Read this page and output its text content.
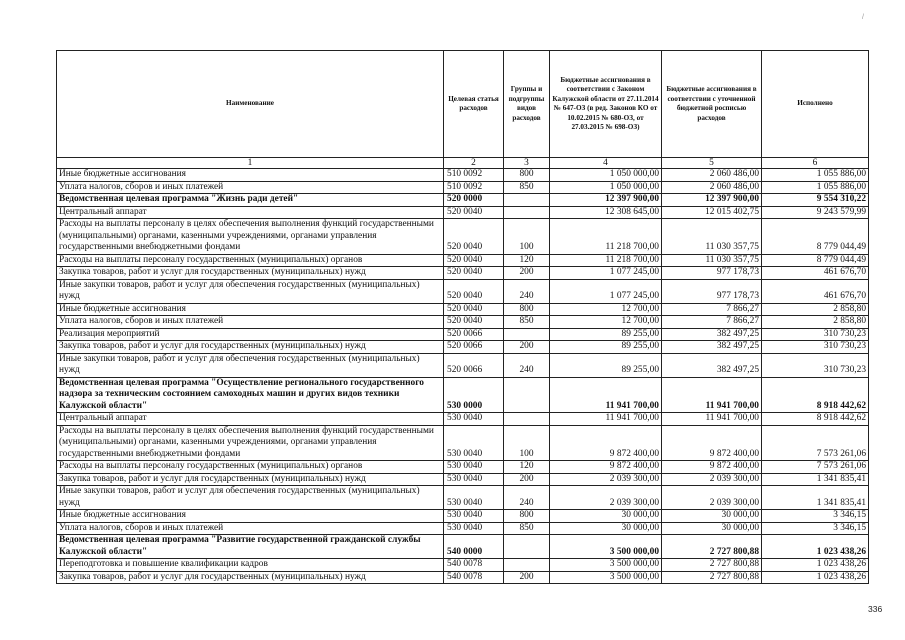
Наименование	Целевая статья расходов	Группы и подгруппы видов расходов	Бюджетные ассигнования в соответствии с Законом Калужской области от 27.11.2014 № 647-ОЗ (в ред. Законов КО от 10.02.2015 № 680-ОЗ, от 27.03.2015 № 698-ОЗ)	Бюджетные ассигнования в соответствии с уточненной бюджетной росписью расходов	Исполнено
1	2	3	4	5	6
Иные бюджетные ассигнования	510 0092	800	1 050 000,00	2 060 486,00	1 055 886,00
Уплата налогов, сборов и иных платежей	510 0092	850	1 050 000,00	2 060 486,00	1 055 886,00
Ведомственная целевая программа "Жизнь ради детей"	520 0000		12 397 900,00	12 397 900,00	9 554 310,22
Центральный аппарат	520 0040		12 308 645,00	12 015 402,75	9 243 579,99
Расходы на выплаты персоналу в целях обеспечения выполнения функций государственными (муниципальными) органами, казенными учреждениями, органами управления государственными внебюджетными фондами	520 0040	100	11 218 700,00	11 030 357,75	8 779 044,49
Расходы на выплаты персоналу государственных (муниципальных) органов	520 0040	120	11 218 700,00	11 030 357,75	8 779 044,49
Закупка товаров, работ и услуг для государственных (муниципальных) нужд	520 0040	200	1 077 245,00	977 178,73	461 676,70
Иные закупки товаров, работ и услуг для обеспечения государственных (муниципальных) нужд	520 0040	240	1 077 245,00	977 178,73	461 676,70
Иные бюджетные ассигнования	520 0040	800	12 700,00	7 866,27	2 858,80
Уплата налогов, сборов и иных платежей	520 0040	850	12 700,00	7 866,27	2 858,80
Реализация мероприятий	520 0066		89 255,00	382 497,25	310 730,23
Закупка товаров, работ и услуг для государственных (муниципальных) нужд	520 0066	200	89 255,00	382 497,25	310 730,23
Иные закупки товаров, работ и услуг для обеспечения государственных (муниципальных) нужд	520 0066	240	89 255,00	382 497,25	310 730,23
Ведомственная целевая программа "Осуществление регионального государственного надзора за техническим состоянием самоходных машин и других видов техники Калужской области"	530 0000		11 941 700,00	11 941 700,00	8 918 442,62
Центральный аппарат	530 0040		11 941 700,00	11 941 700,00	8 918 442,62
Расходы на выплаты персоналу в целях обеспечения выполнения функций государственными (муниципальными) органами, казенными учреждениями, органами управления государственными внебюджетными фондами	530 0040	100	9 872 400,00	9 872 400,00	7 573 261,06
Расходы на выплаты персоналу государственных (муниципальных) органов	530 0040	120	9 872 400,00	9 872 400,00	7 573 261,06
Закупка товаров, работ и услуг для государственных (муниципальных) нужд	530 0040	200	2 039 300,00	2 039 300,00	1 341 835,41
Иные закупки товаров, работ и услуг для обеспечения государственных (муниципальных) нужд	530 0040	240	2 039 300,00	2 039 300,00	1 341 835,41
Иные бюджетные ассигнования	530 0040	800	30 000,00	30 000,00	3 346,15
Уплата налогов, сборов и иных платежей	530 0040	850	30 000,00	30 000,00	3 346,15
Ведомственная целевая программа "Развитие государственной гражданской службы Калужской области"	540 0000		3 500 000,00	2 727 800,88	1 023 438,26
Переподготовка и повышение квалификации кадров	540 0078		3 500 000,00	2 727 800,88	1 023 438,26
Закупка товаров, работ и услуг для государственных (муниципальных) нужд	540 0078	200	3 500 000,00	2 727 800,88	1 023 438,26
336
/
